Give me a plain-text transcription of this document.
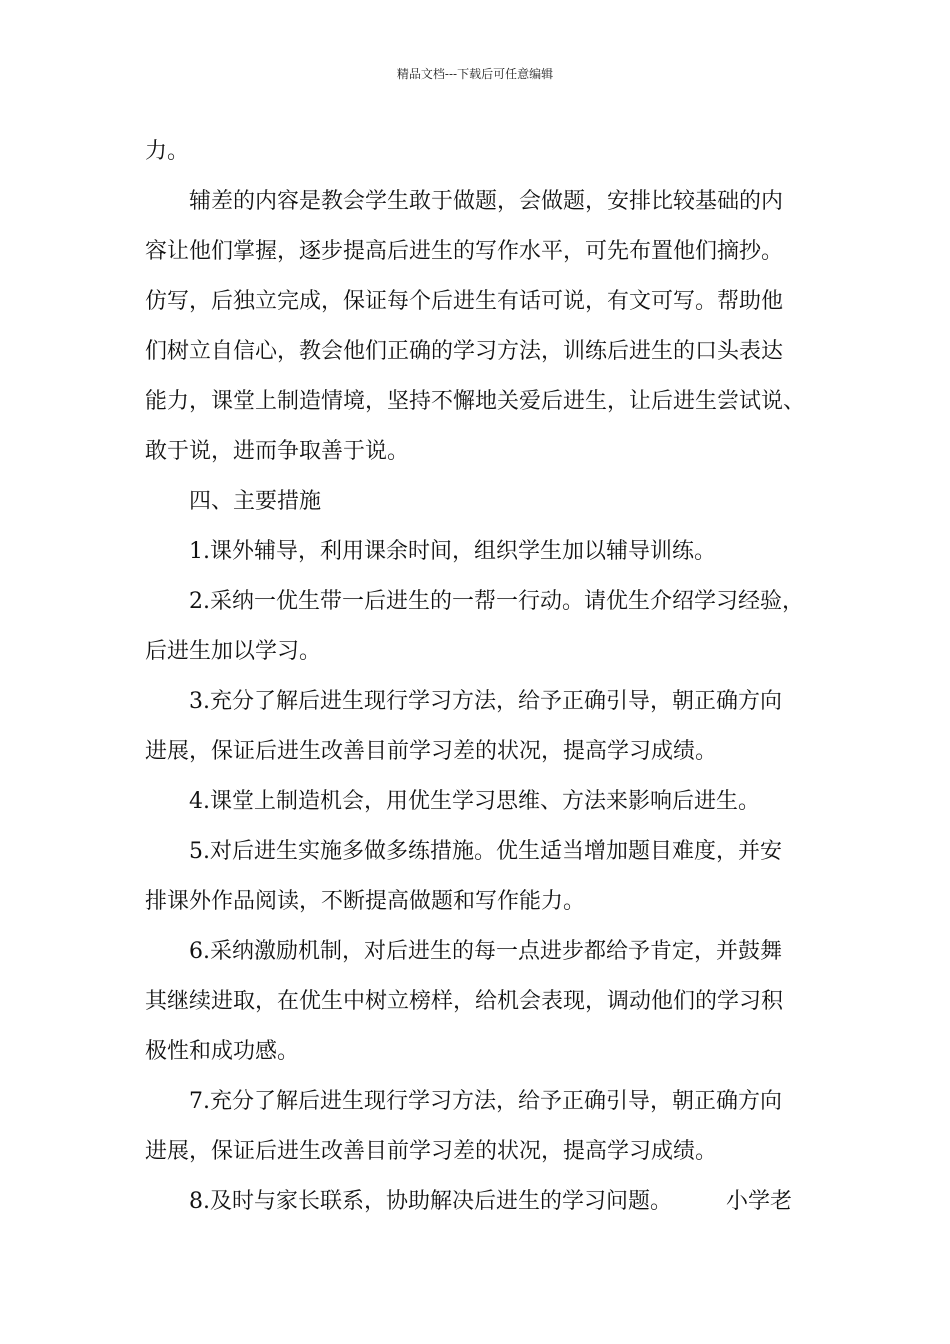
精品文档---下载后可任意编辑
力。
辅差的内容是教会学生敢于做题，会做题，安排比较基础的内
容让他们掌握，逐步提高后进生的写作水平，可先布置他们摘抄。
仿写，后独立完成，保证每个后进生有话可说，有文可写。帮助他
们树立自信心，教会他们正确的学习方法，训练后进生的口头表达
能力，课堂上制造情境，坚持不懈地关爱后进生，让后进生尝试说、
敢于说，进而争取善于说。
四、主要措施
1.课外辅导，利用课余时间，组织学生加以辅导训练。
2.采纳一优生带一后进生的一帮一行动。请优生介绍学习经验，
后进生加以学习。
3.充分了解后进生现行学习方法，给予正确引导，朝正确方向
进展，保证后进生改善目前学习差的状况，提高学习成绩。
4.课堂上制造机会，用优生学习思维、方法来影响后进生。
5.对后进生实施多做多练措施。优生适当增加题目难度，并安
排课外作品阅读，不断提高做题和写作能力。
6.采纳激励机制，对后进生的每一点进步都给予肯定，并鼓舞
其继续进取，在优生中树立榜样，给机会表现，调动他们的学习积
极性和成功感。
7.充分了解后进生现行学习方法，给予正确引导，朝正确方向
进展，保证后进生改善目前学习差的状况，提高学习成绩。
8.及时与家长联系，协助解决后进生的学习问题。 小学老
